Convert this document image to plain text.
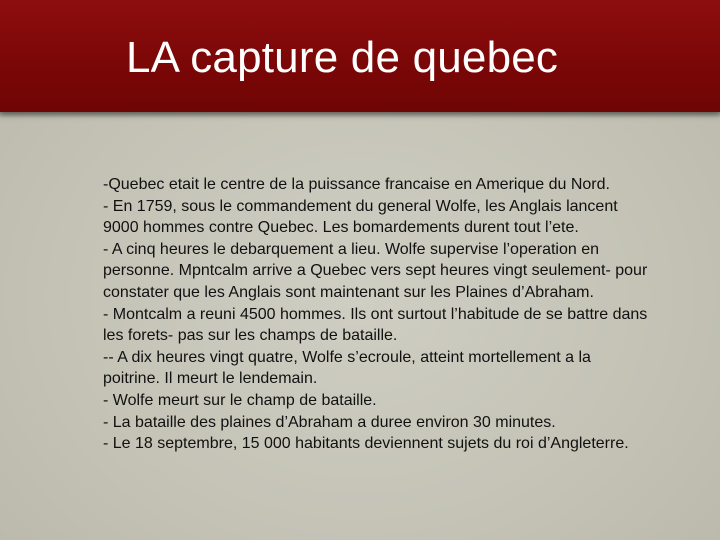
LA capture de quebec

-Quebec etait le centre de la puissance francaise en Amerique du Nord.

- En 1759, sous le commandement du general Wolfe, les Anglais lancent 9000 hommes contre Quebec. Les bomardements durent tout l’ete.

- A cinq heures le debarquement a lieu. Wolfe supervise l’operation en personne. Mpntcalm arrive a Quebec vers sept heures vingt seulement- pour constater que les Anglais sont maintenant sur les Plaines d’Abraham.

- Montcalm a reuni 4500 hommes. Ils ont surtout l’habitude de se battre dans les forets- pas sur les champs de bataille.

-- A dix heures vingt quatre, Wolfe s’ecroule, atteint mortellement a la poitrine. Il meurt le lendemain.

- Wolfe meurt sur le champ de bataille.

- La bataille des plaines d’Abraham a duree environ 30 minutes.

- Le 18 septembre, 15 000 habitants deviennent sujets du roi d’Angleterre.
